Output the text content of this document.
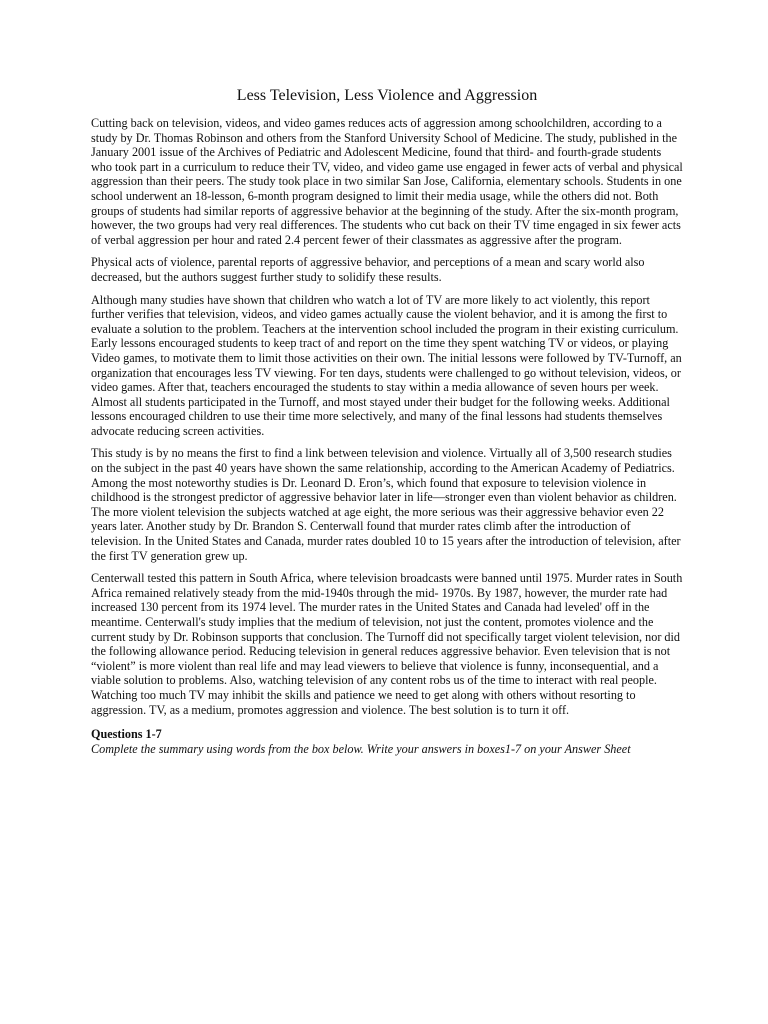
Less Television, Less Violence and Aggression

Cutting back on television, videos, and video games reduces acts of aggression among schoolchildren, according to a study by Dr. Thomas Robinson and others from the Stanford University School of Medicine. The study, published in the January 2001 issue of the Archives of Pediatric and Adolescent Medicine, found that third- and fourth-grade students who took part in a curriculum to reduce their TV, video, and video game use engaged in fewer acts of verbal and physical aggression than their peers. The study took place in two similar San Jose, California, elementary schools. Students in one school underwent an 18-lesson, 6-month program designed to limit their media usage, while the others did not. Both groups of students had similar reports of aggressive behavior at the beginning of the study. After the six-month program, however, the two groups had very real differences. The students who cut back on their TV time engaged in six fewer acts of verbal aggression per hour and rated 2.4 percent fewer of their classmates as aggressive after the program.

Physical acts of violence, parental reports of aggressive behavior, and perceptions of a mean and scary world also decreased, but the authors suggest further study to solidify these results.

Although many studies have shown that children who watch a lot of TV are more likely to act violently, this report further verifies that television, videos, and video games actually cause the violent behavior, and it is among the first to evaluate a solution to the problem. Teachers at the intervention school included the program in their existing curriculum. Early lessons encouraged students to keep tract of and report on the time they spent watching TV or videos, or playing Video games, to motivate them to limit those activities on their own. The initial lessons were followed by TV-Turnoff, an organization that encourages less TV viewing. For ten days, students were challenged to go without television, videos, or video games. After that, teachers encouraged the students to stay within a media allowance of seven hours per week. Almost all students participated in the Turnoff, and most stayed under their budget for the following weeks. Additional lessons encouraged children to use their time more selectively, and many of the final lessons had students themselves advocate reducing screen activities.

This study is by no means the first to find a link between television and violence. Virtually all of 3,500 research studies on the subject in the past 40 years have shown the same relationship, according to the American Academy of Pediatrics. Among the most noteworthy studies is Dr. Leonard D. Eron’s, which found that exposure to television violence in childhood is the strongest predictor of aggressive behavior later in life—stronger even than violent behavior as children. The more violent television the subjects watched at age eight, the more serious was their aggressive behavior even 22 years later. Another study by Dr. Brandon S. Centerwall found that murder rates climb after the introduction of television. In the United States and Canada, murder rates doubled 10 to 15 years after the introduction of television, after the first TV generation grew up.

Centerwall tested this pattern in South Africa, where television broadcasts were banned until 1975. Murder rates in South Africa remained relatively steady from the mid-1940s through the mid- 1970s. By 1987, however, the murder rate had increased 130 percent from its 1974 level. The murder rates in the United States and Canada had leveled' off in the meantime. Centerwall's study implies that the medium of television, not just the content, promotes violence and the current study by Dr. Robinson supports that conclusion. The Turnoff did not specifically target violent television, nor did the following allowance period. Reducing television in general reduces aggressive behavior. Even television that is not “violent” is more violent than real life and may lead viewers to believe that violence is funny, inconsequential, and a viable solution to problems. Also, watching television of any content robs us of the time to interact with real people. Watching too much TV may inhibit the skills and patience we need to get along with others without resorting to aggression. TV, as a medium, promotes aggression and violence. The best solution is to turn it off.

Questions 1-7

Complete the summary using words from the box below. Write your answers in boxes1-7 on your Answer Sheet
